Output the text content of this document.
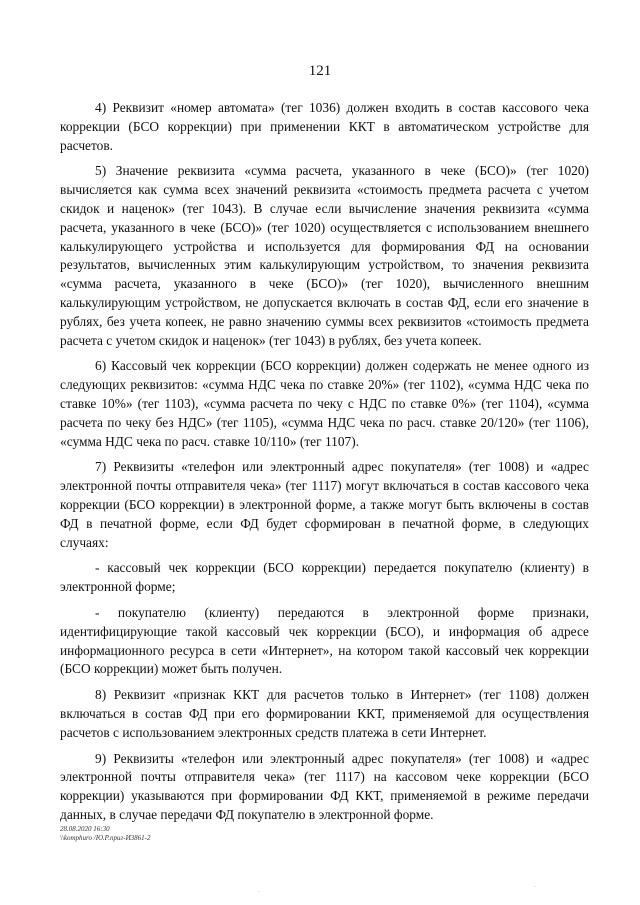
121

4) Реквизит «номер автомата» (тег 1036) должен входить в состав кассового чека коррекции (БСО коррекции) при применении ККТ в автоматическом устройстве для расчетов.

5) Значение реквизита «сумма расчета, указанного в чеке (БСО)» (тег 1020) вычисляется как сумма всех значений реквизита «стоимость предмета расчета с учетом скидок и наценок» (тег 1043). В случае если вычисление значения реквизита «сумма расчета, указанного в чеке (БСО)» (тег 1020) осуществляется с использованием внешнего калькулирующего устройства и используется для формирования ФД на основании результатов, вычисленных этим калькулирующим устройством, то значения реквизита «сумма расчета, указанного в чеке (БСО)» (тег 1020), вычисленного внешним калькулирующим устройством, не допускается включать в состав ФД, если его значение в рублях, без учета копеек, не равно значению суммы всех реквизитов «стоимость предмета расчета с учетом скидок и наценок» (тег 1043) в рублях, без учета копеек.

6) Кассовый чек коррекции (БСО коррекции) должен содержать не менее одного из следующих реквизитов: «сумма НДС чека по ставке 20%» (тег 1102), «сумма НДС чека по ставке 10%» (тег 1103), «сумма расчета по чеку с НДС по ставке 0%» (тег 1104), «сумма расчета по чеку без НДС» (тег 1105), «сумма НДС чека по расч. ставке 20/120» (тег 1106), «сумма НДС чека по расч. ставке 10/110» (тег 1107).

7) Реквизиты «телефон или электронный адрес покупателя» (тег 1008) и «адрес электронной почты отправителя чека» (тег 1117) могут включаться в состав кассового чека коррекции (БСО коррекции) в электронной форме, а также могут быть включены в состав ФД в печатной форме, если ФД будет сформирован в печатной форме, в следующих случаях:

- кассовый чек коррекции (БСО коррекции) передается покупателю (клиенту) в электронной форме;

- покупателю (клиенту) передаются в электронной форме признаки, идентифицирующие такой кассовый чек коррекции (БСО), и информация об адресе информационного ресурса в сети «Интернет», на котором такой кассовый чек коррекции (БСО коррекции) может быть получен.

8) Реквизит «признак ККТ для расчетов только в Интернет» (тег 1108) должен включаться в состав ФД при его формировании ККТ, применяемой для осуществления расчетов с использованием электронных средств платежа в сети Интернет.

9) Реквизиты «телефон или электронный адрес покупателя» (тег 1008) и «адрес электронной почты отправителя чека» (тег 1117) на кассовом чеке коррекции (БСО коррекции) указываются при формировании ФД ККТ, применяемой в режиме передачи данных, в случае передачи ФД покупателю в электронной форме.

28.08.2020 16:30
\\komphuro /Ю.Р.приг-И3861-2
·
·
